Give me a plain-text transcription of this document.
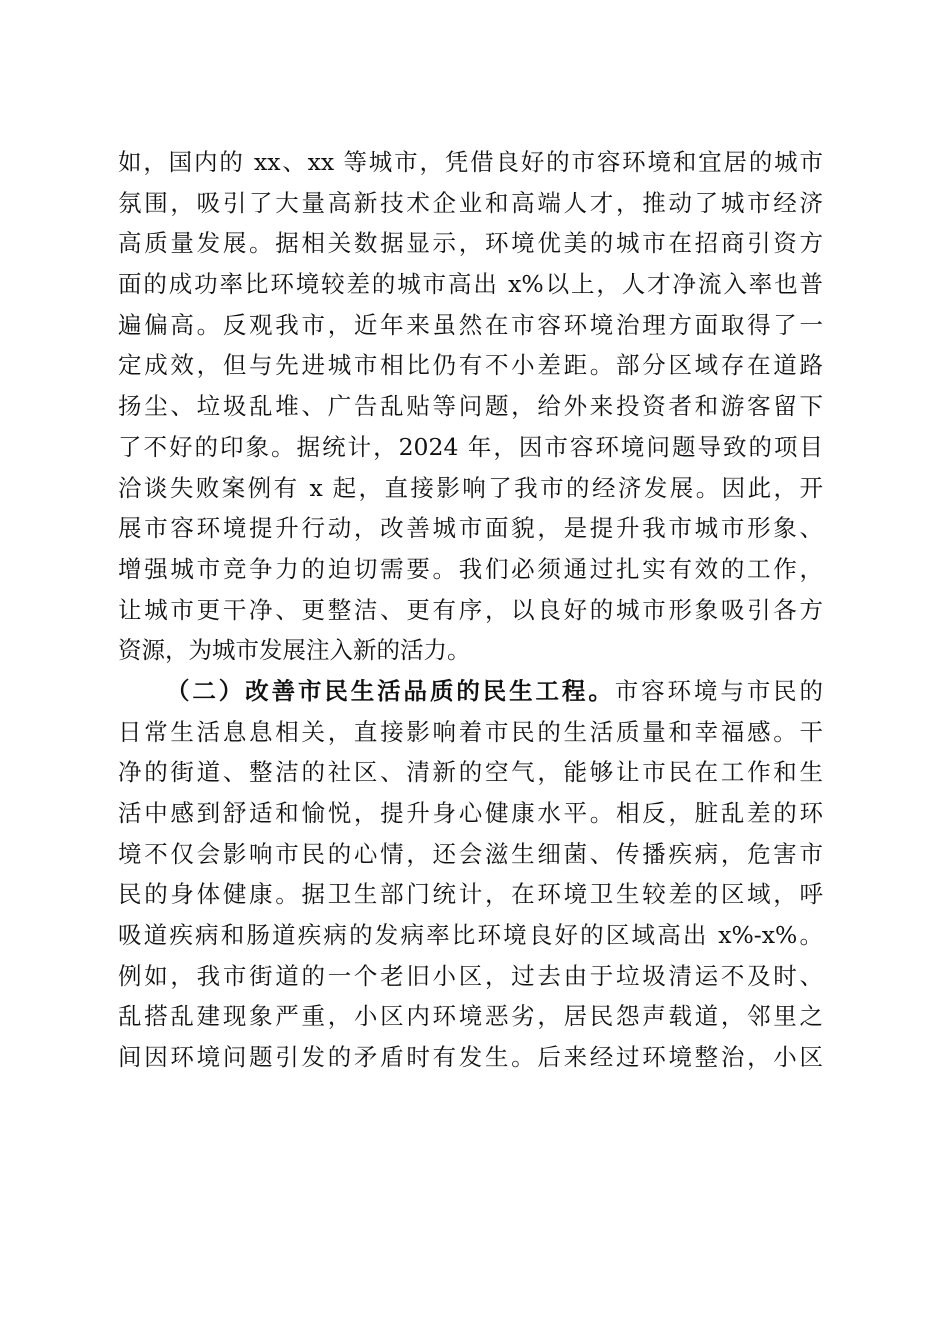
如，国内的 xx、xx 等城市，凭借良好的市容环境和宜居的城市
氛围，吸引了大量高新技术企业和高端人才，推动了城市经济
高质量发展。据相关数据显示，环境优美的城市在招商引资方
面的成功率比环境较差的城市高出 x%以上，人才净流入率也普
遍偏高。反观我市，近年来虽然在市容环境治理方面取得了一
定成效，但与先进城市相比仍有不小差距。部分区域存在道路
扬尘、垃圾乱堆、广告乱贴等问题，给外来投资者和游客留下
了不好的印象。据统计，2024 年，因市容环境问题导致的项目
洽谈失败案例有 x 起，直接影响了我市的经济发展。因此，开
展市容环境提升行动，改善城市面貌，是提升我市城市形象、
增强城市竞争力的迫切需要。我们必须通过扎实有效的工作，
让城市更干净、更整洁、更有序，以良好的城市形象吸引各方
资源，为城市发展注入新的活力。
（二）改善市民生活品质的民生工程。市容环境与市民的
日常生活息息相关，直接影响着市民的生活质量和幸福感。干
净的街道、整洁的社区、清新的空气，能够让市民在工作和生
活中感到舒适和愉悦，提升身心健康水平。相反，脏乱差的环
境不仅会影响市民的心情，还会滋生细菌、传播疾病，危害市
民的身体健康。据卫生部门统计，在环境卫生较差的区域，呼
吸道疾病和肠道疾病的发病率比环境良好的区域高出 x%-x%。
例如，我市街道的一个老旧小区，过去由于垃圾清运不及时、
乱搭乱建现象严重，小区内环境恶劣，居民怨声载道，邻里之
间因环境问题引发的矛盾时有发生。后来经过环境整治，小区
